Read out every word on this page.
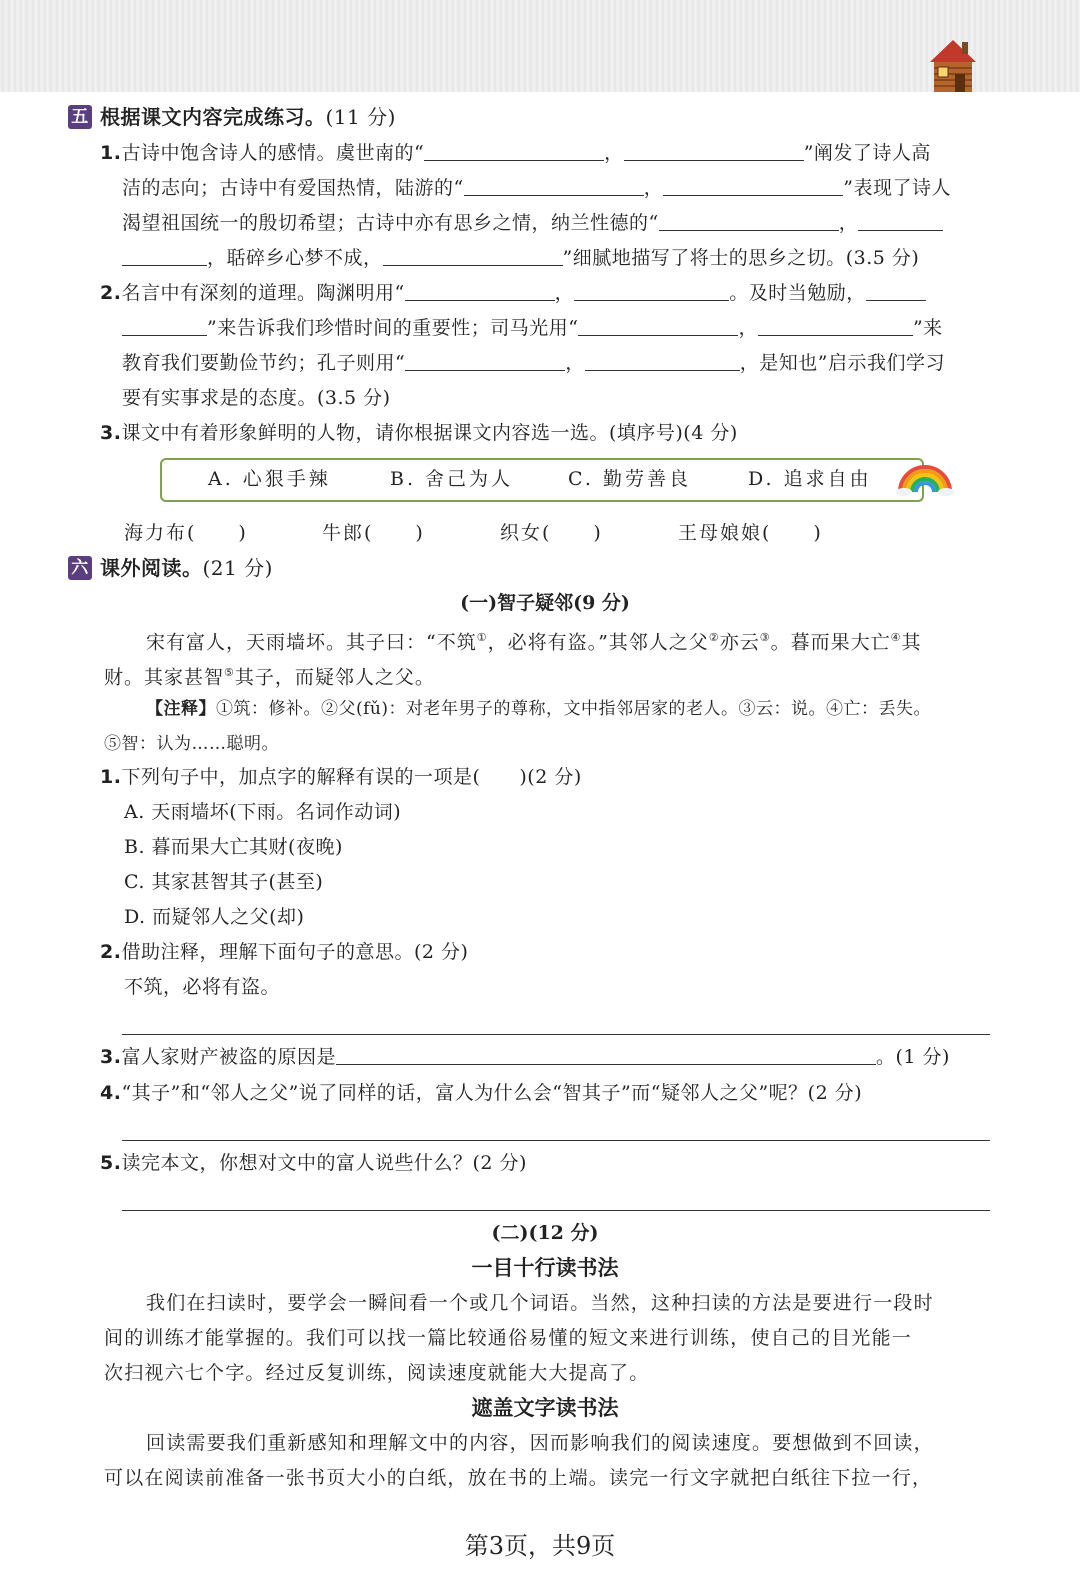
五 根据课文内容完成练习。(11 分)
1.古诗中饱含诗人的感情。虞世南的“	，	”阐发了诗人高
洁的志向；古诗中有爱国热情，陆游的“	，	”表现了诗人
渴望祖国统一的殷切希望；古诗中亦有思乡之情，纳兰性德的“	，
，聒碎乡心梦不成，	”细腻地描写了将士的思乡之切。(3.5 分)
2.名言中有深刻的道理。陶渊明用“	，	。及时当勉励，
”来告诉我们珍惜时间的重要性；司马光用“	，	”来
教育我们要勤俭节约；孔子则用“	，	，是知也”启示我们学习
要有实事求是的态度。(3.5 分)
3.课文中有着形象鲜明的人物，请你根据课文内容选一选。(填序号)(4 分)
A. 心狠手辣	B. 舍己为人	C. 勤劳善良	D. 追求自由
海力布(　　)	牛郎(　　)	织女(　　)	王母娘娘(　　)
六 课外阅读。(21 分)
(一)智子疑邻(9 分)
宋有富人，天雨墙坏。其子曰：“不筑①，必将有盗。”其邻人之父②亦云③。暮而果大亡④其
财。其家甚智⑤其子，而疑邻人之父。
【注释】①筑：修补。②父(fǔ)：对老年男子的尊称，文中指邻居家的老人。③云：说。④亡：丢失。
⑤智：认为……聪明。
1.下列句子中，加点字的解释有误的一项是(　　)(2 分)
A. 天雨墙坏(下雨。名词作动词)
B. 暮而果大亡其财(夜晚)
C. 其家甚智其子(甚至)
D. 而疑邻人之父(却)
2.借助注释，理解下面句子的意思。(2 分)
不筑，必将有盗。
3.富人家财产被盗的原因是	。(1 分)
4.“其子”和“邻人之父”说了同样的话，富人为什么会“智其子”而“疑邻人之父”呢？(2 分)
5.读完本文，你想对文中的富人说些什么？(2 分)
(二)(12 分)
一目十行读书法
我们在扫读时，要学会一瞬间看一个或几个词语。当然，这种扫读的方法是要进行一段时
间的训练才能掌握的。我们可以找一篇比较通俗易懂的短文来进行训练，使自己的目光能一
次扫视六七个字。经过反复训练，阅读速度就能大大提高了。
遮盖文字读书法
回读需要我们重新感知和理解文中的内容，因而影响我们的阅读速度。要想做到不回读，
可以在阅读前准备一张书页大小的白纸，放在书的上端。读完一行文字就把白纸往下拉一行，
第3页，共9页
